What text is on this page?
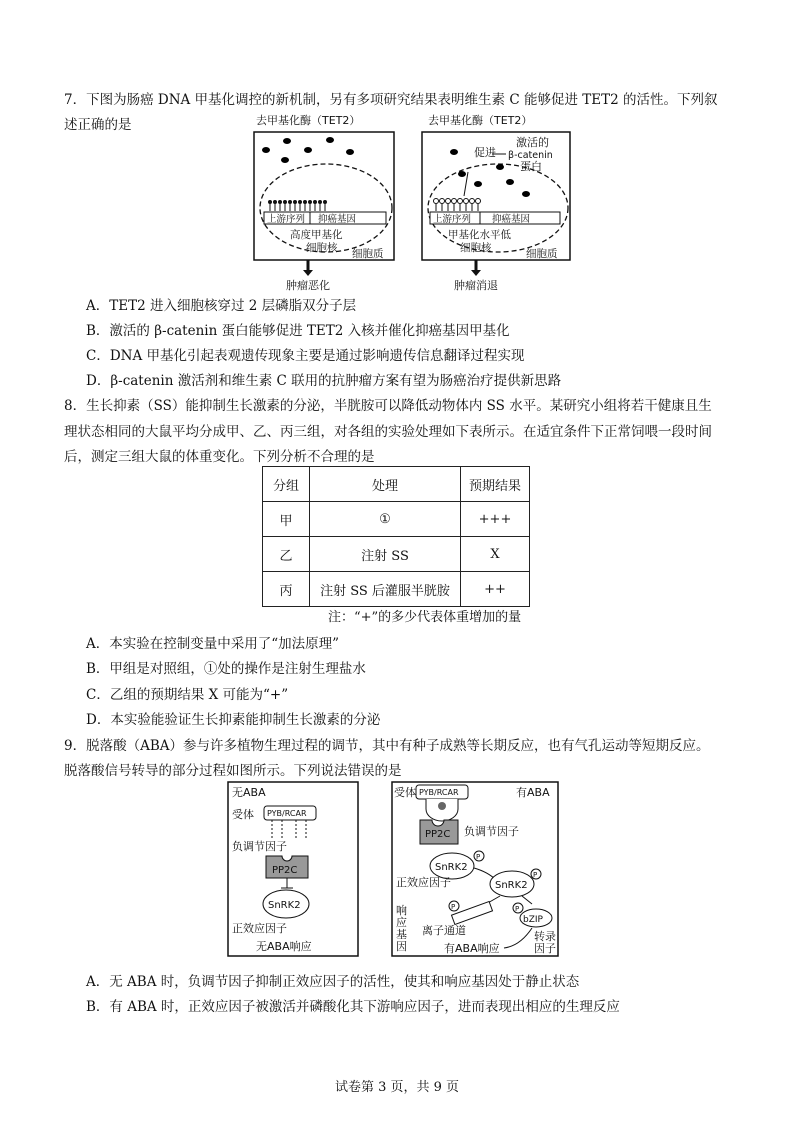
7．下图为肠癌 DNA 甲基化调控的新机制，另有多项研究结果表明维生素 C 能够促进 TET2 的活性。下列叙
述正确的是	去甲基化酶（TET2）
上游序列 抑癌基因
高度甲基化
细胞核 细胞质
肿瘤恶化
去甲基化酶（TET2）
促进
激活的
β-catenin
蛋白
上游序列 抑癌基因
甲基化水平低
细胞核	细胞质
肿瘤消退
A．TET2 进入细胞核穿过 2 层磷脂双分子层
B．激活的 β-catenin 蛋白能够促进 TET2 入核并催化抑癌基因甲基化
C．DNA 甲基化引起表观遗传现象主要是通过影响遗传信息翻译过程实现
D．β-catenin 激活剂和维生素 C 联用的抗肿瘤方案有望为肠癌治疗提供新思路
8．生长抑素（SS）能抑制生长激素的分泌，半胱胺可以降低动物体内 SS 水平。某研究小组将若干健康且生
理状态相同的大鼠平均分成甲、乙、丙三组，对各组的实验处理如下表所示。在适宜条件下正常饲喂一段时间
后，测定三组大鼠的体重变化。下列分析不合理的是
分组	处理	预期结果
甲	①	+++
乙	注射 SS	X
丙	注射 SS 后灌服半胱胺	++
注：“+”的多少代表体重增加的量
A．本实验在控制变量中采用了“加法原理”
B．甲组是对照组，①处的操作是注射生理盐水
C．乙组的预期结果 X 可能为“+”
D．本实验能验证生长抑素能抑制生长激素的分泌
9．脱落酸（ABA）参与许多植物生理过程的调节，其中有种子成熟等长期反应，也有气孔运动等短期反应。
脱落酸信号转导的部分过程如图所示。下列说法错误的是
无ABA
受体 PYB/RCAR
负调节因子
PP2C
SnRK2
正效应因子
无ABA响应
受体 PYB/RCAR	有ABA
PP2C 负调节因子
SnRK2
P
SnRK2
P
正效应因子
响
应
基
因
P
离子通道
bZIP
P
转录
因子
有ABA响应
A．无 ABA 时，负调节因子抑制正效应因子的活性，使其和响应基因处于静止状态
B．有 ABA 时，正效应因子被激活并磷酸化其下游响应因子，进而表现出相应的生理反应
试卷第 3 页，共 9 页
